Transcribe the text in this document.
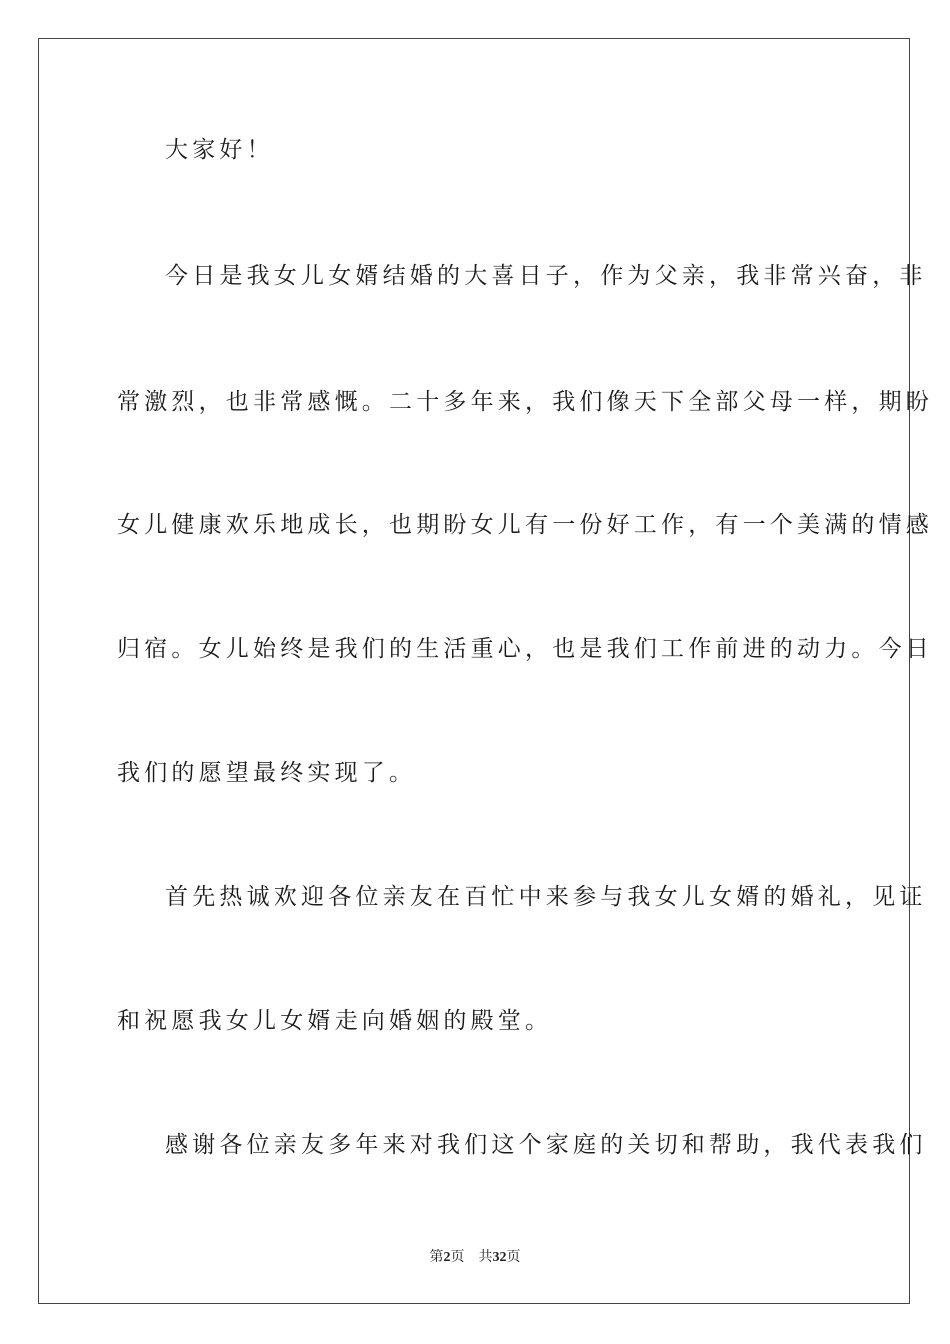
大家好！
今日是我女儿女婿结婚的大喜日子，作为父亲，我非常兴奋，非
常激烈，也非常感慨。二十多年来，我们像天下全部父母一样，期盼
女儿健康欢乐地成长，也期盼女儿有一份好工作，有一个美满的情感
归宿。女儿始终是我们的生活重心，也是我们工作前进的动力。今日
我们的愿望最终实现了。
首先热诚欢迎各位亲友在百忙中来参与我女儿女婿的婚礼，见证
和祝愿我女儿女婿走向婚姻的殿堂。
感谢各位亲友多年来对我们这个家庭的关切和帮助，我代表我们
第2页 共32页
